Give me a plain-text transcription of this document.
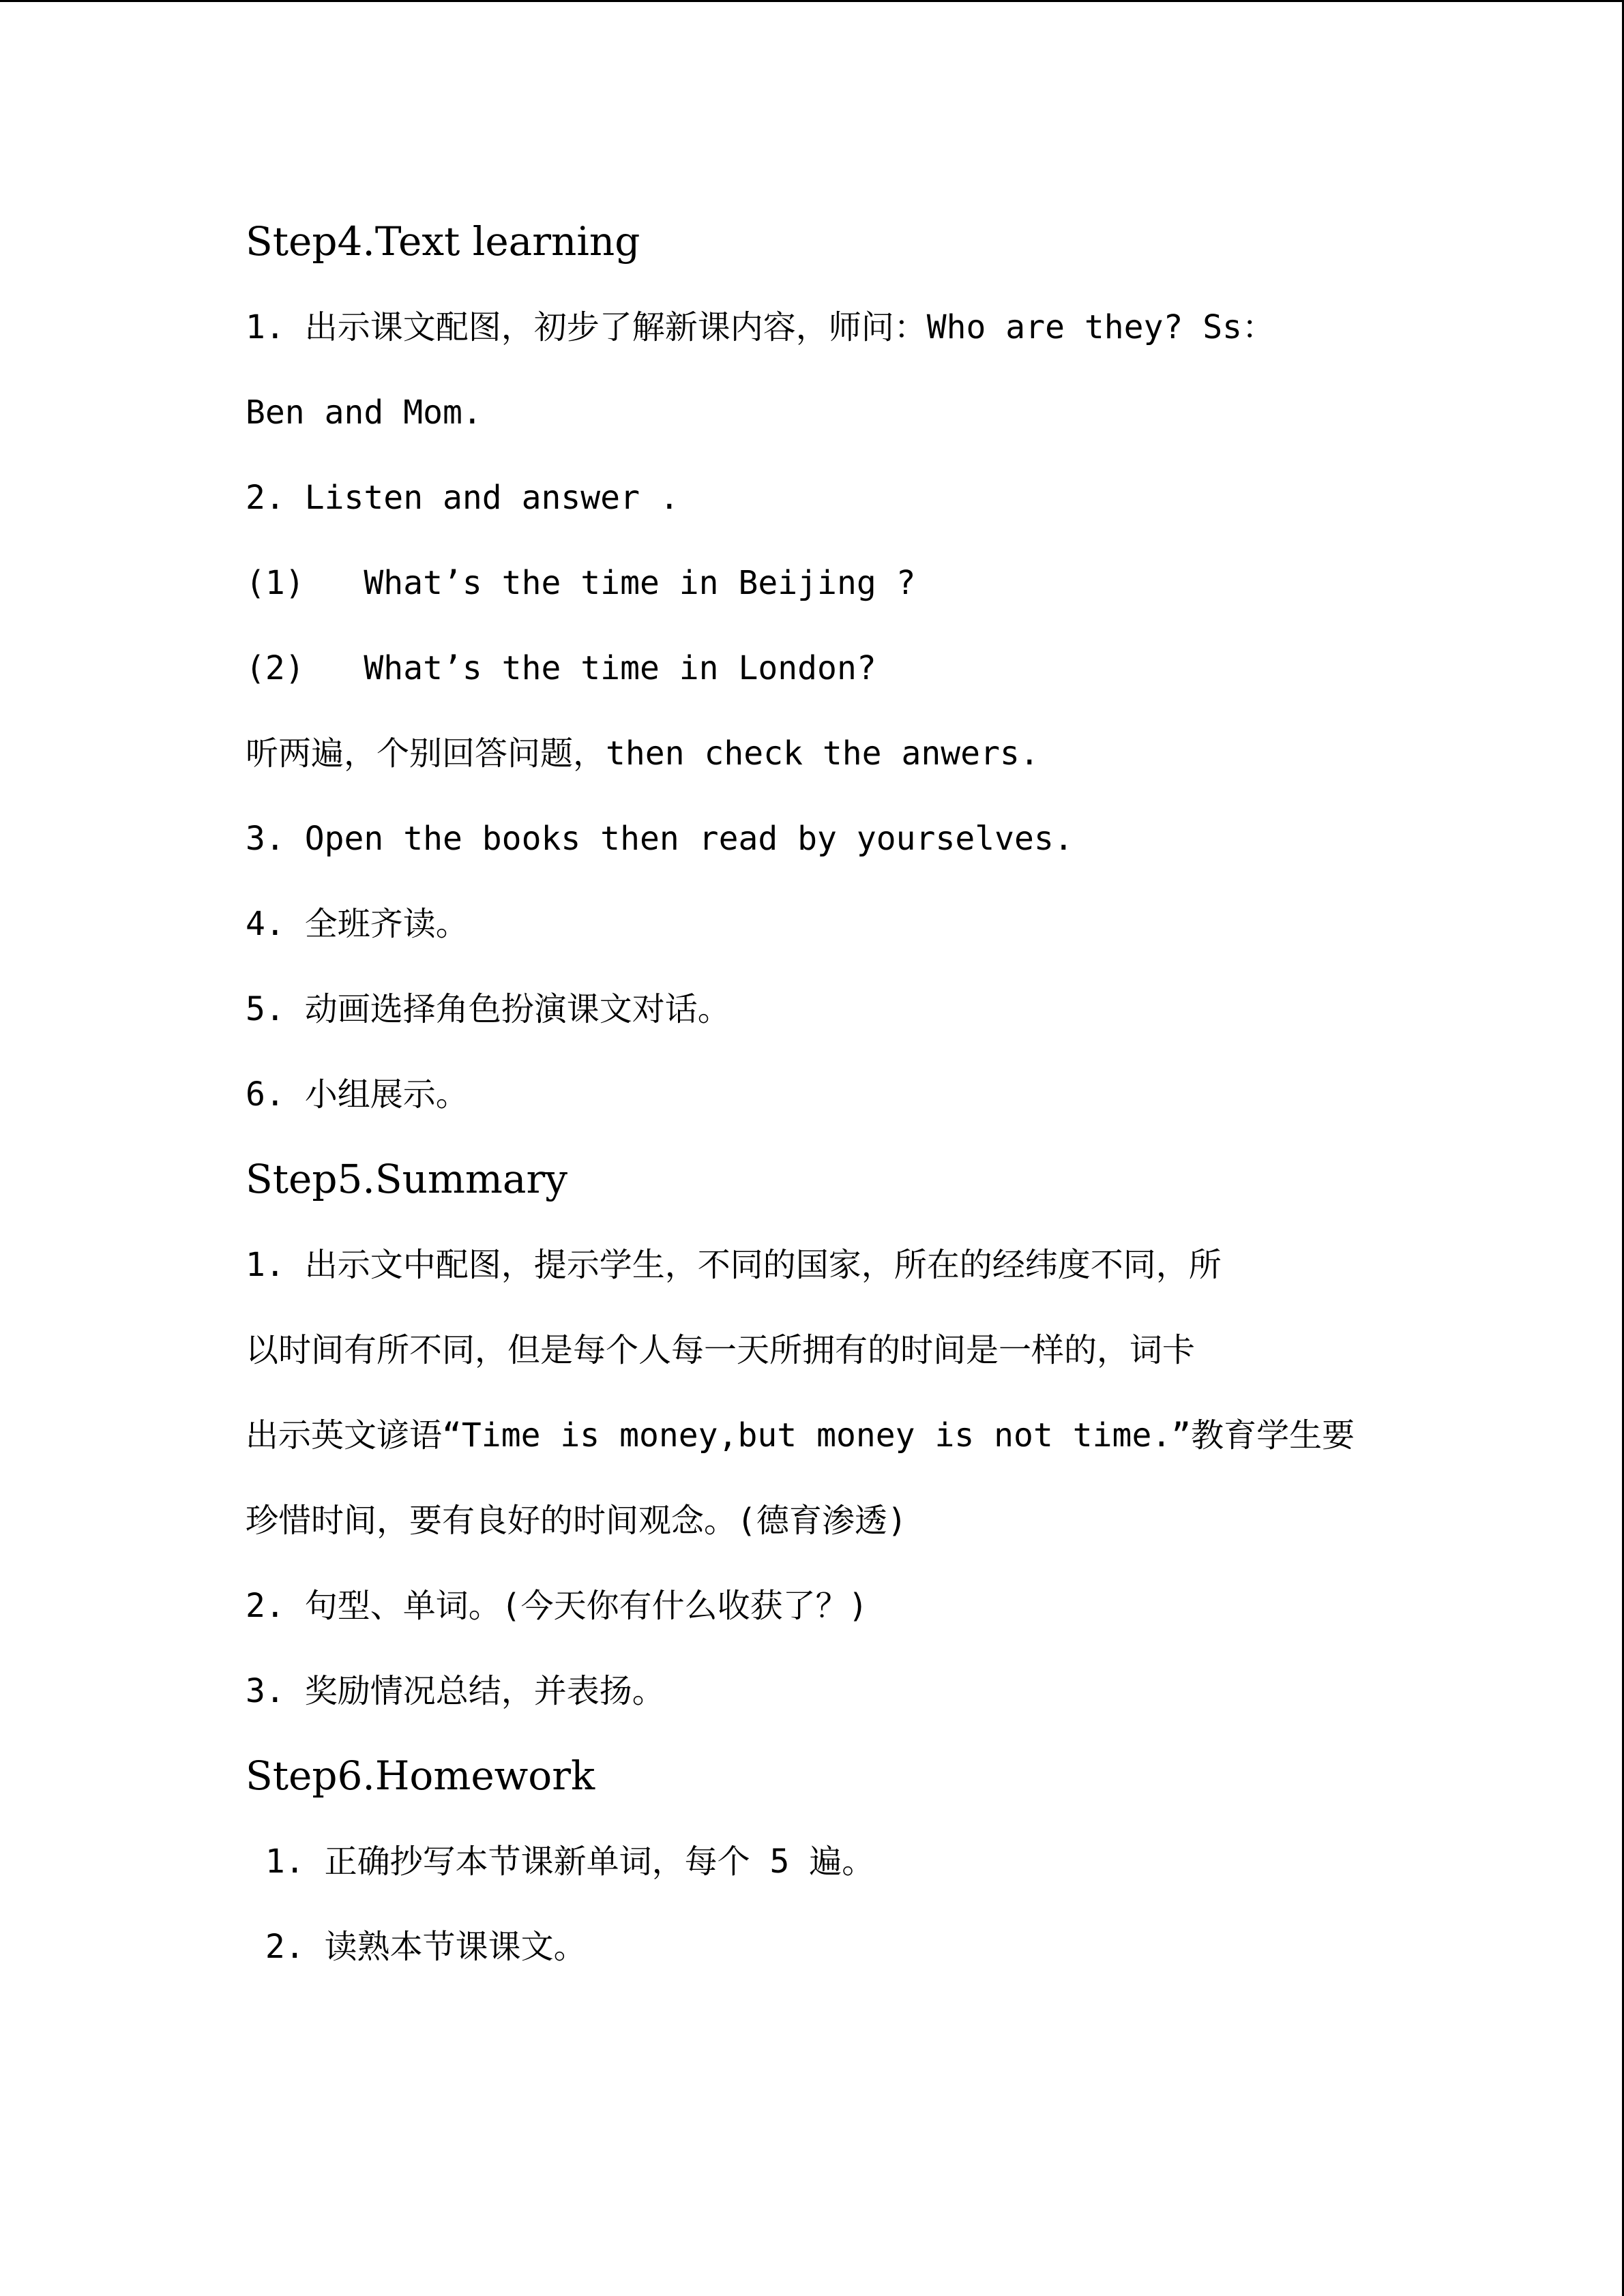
Step4.Text learning
1. 出示课文配图，初步了解新课内容，师问：Who are they? Ss：
Ben and Mom.
2. Listen and answer .
(1)   What’s the time in Beijing ?
(2)   What’s the time in London?
听两遍，个别回答问题，then check the anwers.
3. Open the books then read by yourselves.
4. 全班齐读。
5. 动画选择角色扮演课文对话。
6. 小组展示。
Step5.Summary
1. 出示文中配图，提示学生，不同的国家，所在的经纬度不同，所
以时间有所不同，但是每个人每一天所拥有的时间是一样的，词卡
出示英文谚语“Time is money,but money is not time.”教育学生要
珍惜时间，要有良好的时间观念。(德育渗透)
2. 句型、单词。(今天你有什么收获了？)
3. 奖励情况总结，并表扬。
Step6.Homework
1. 正确抄写本节课新单词，每个 5 遍。
2. 读熟本节课课文。
